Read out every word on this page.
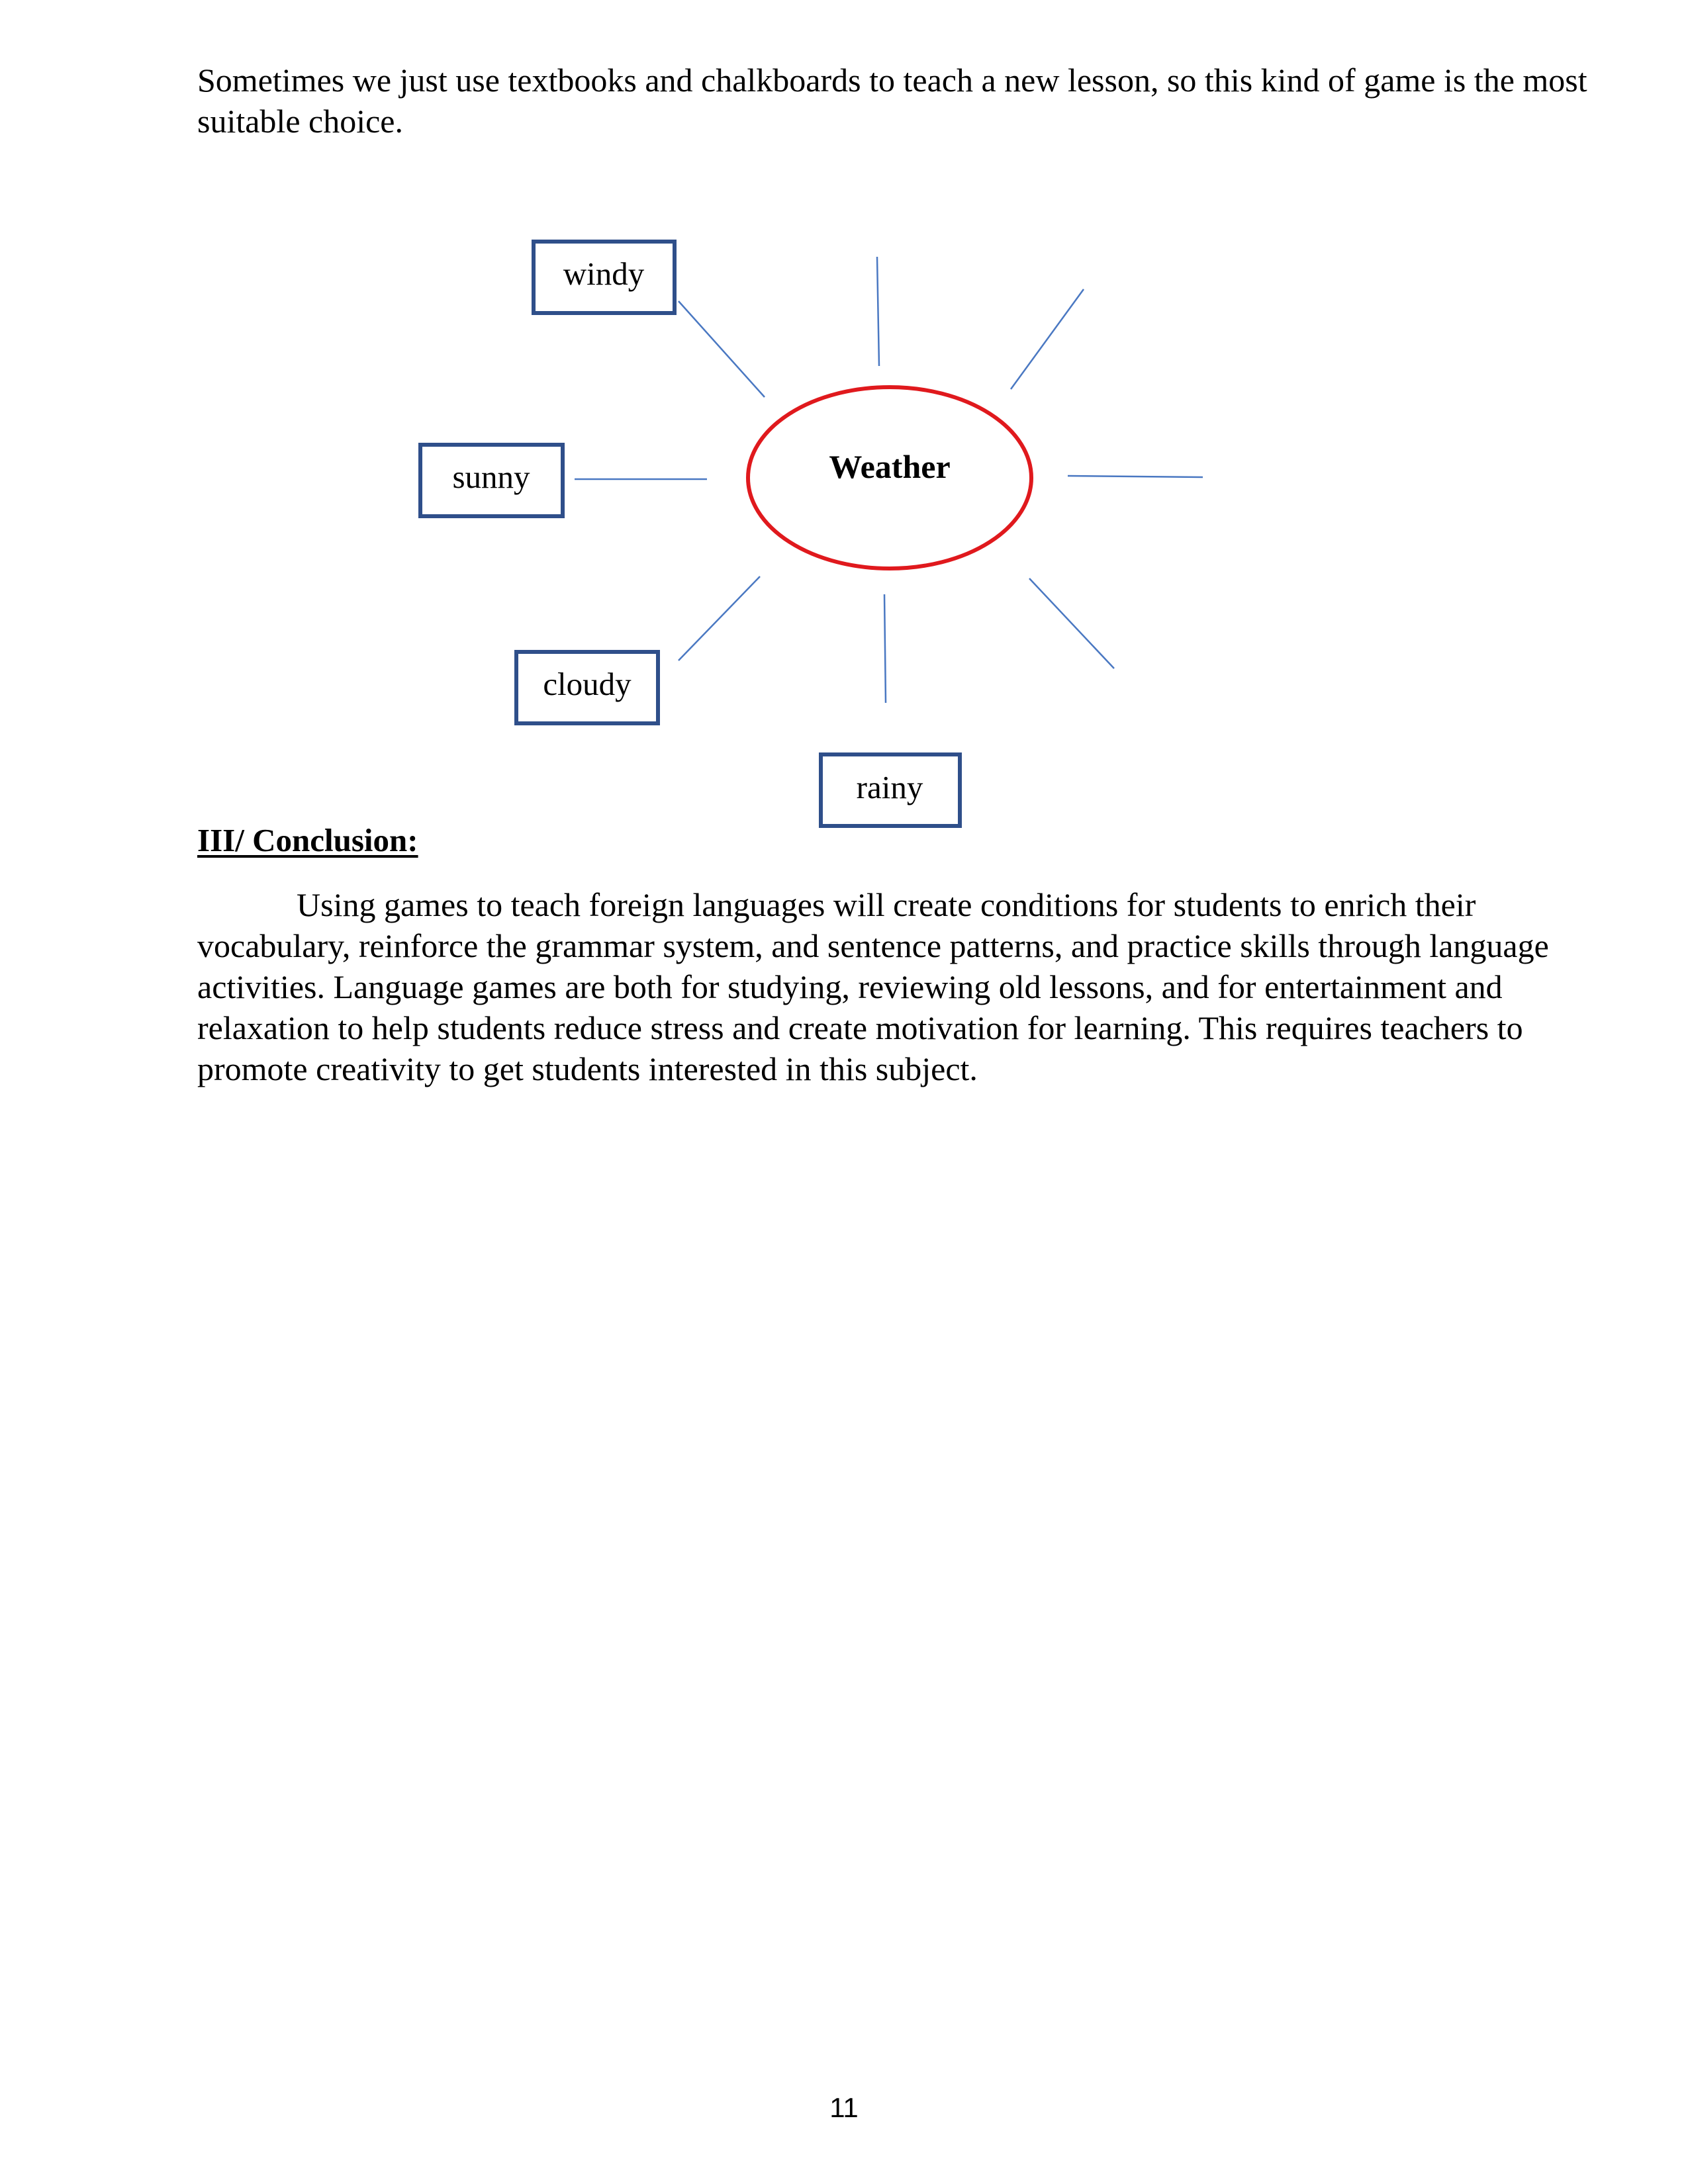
Sometimes we just use textbooks and chalkboards to teach a new lesson, so this kind of game is the most suitable choice.

Weather
windy
sunny
cloudy
rainy
III/ Conclusion:

Using games to teach foreign languages will create conditions for students to enrich their vocabulary, reinforce the grammar system, and sentence patterns, and practice skills through language activities. Language games are both for studying, reviewing old lessons, and for entertainment and relaxation to help students reduce stress and create motivation for learning. This requires teachers to promote creativity to get students interested in this subject.

11
